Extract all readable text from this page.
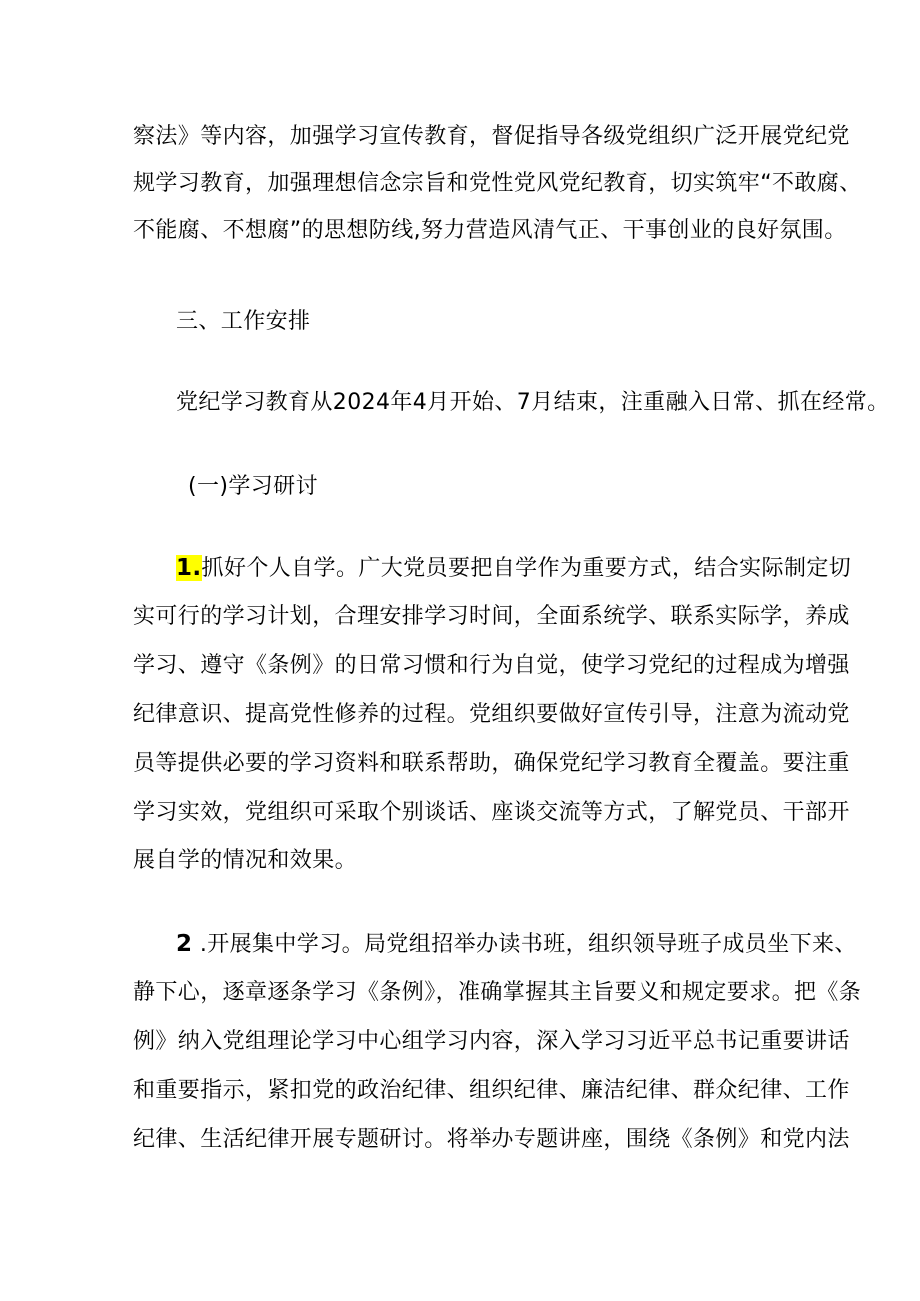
察法》等内容，加强学习宣传教育，督促指导各级党组织广泛开展党纪党
规学习教育，加强理想信念宗旨和党性党风党纪教育，切实筑牢“不敢腐、
不能腐、不想腐”的思想防线,努力营造风清气正、干事创业的良好氛围。
三、工作安排
党纪学习教育从2024年4月开始、7月结束，注重融入日常、抓在经常。
(一)学习研讨
1.抓好个人自学。广大党员要把自学作为重要方式，结合实际制定切
实可行的学习计划，合理安排学习时间，全面系统学、联系实际学，养成
学习、遵守《条例》的日常习惯和行为自觉，使学习党纪的过程成为增强
纪律意识、提高党性修养的过程。党组织要做好宣传引导，注意为流动党
员等提供必要的学习资料和联系帮助，确保党纪学习教育全覆盖。要注重
学习实效，党组织可采取个别谈话、座谈交流等方式，了解党员、干部开
展自学的情况和效果。
2 .开展集中学习。局党组招举办读书班，组织领导班子成员坐下来、
静下心，逐章逐条学习《条例》，准确掌握其主旨要义和规定要求。把《条
例》纳入党组理论学习中心组学习内容，深入学习习近平总书记重要讲话
和重要指示，紧扣党的政治纪律、组织纪律、廉洁纪律、群众纪律、工作
纪律、生活纪律开展专题研讨。将举办专题讲座，围绕《条例》和党内法
